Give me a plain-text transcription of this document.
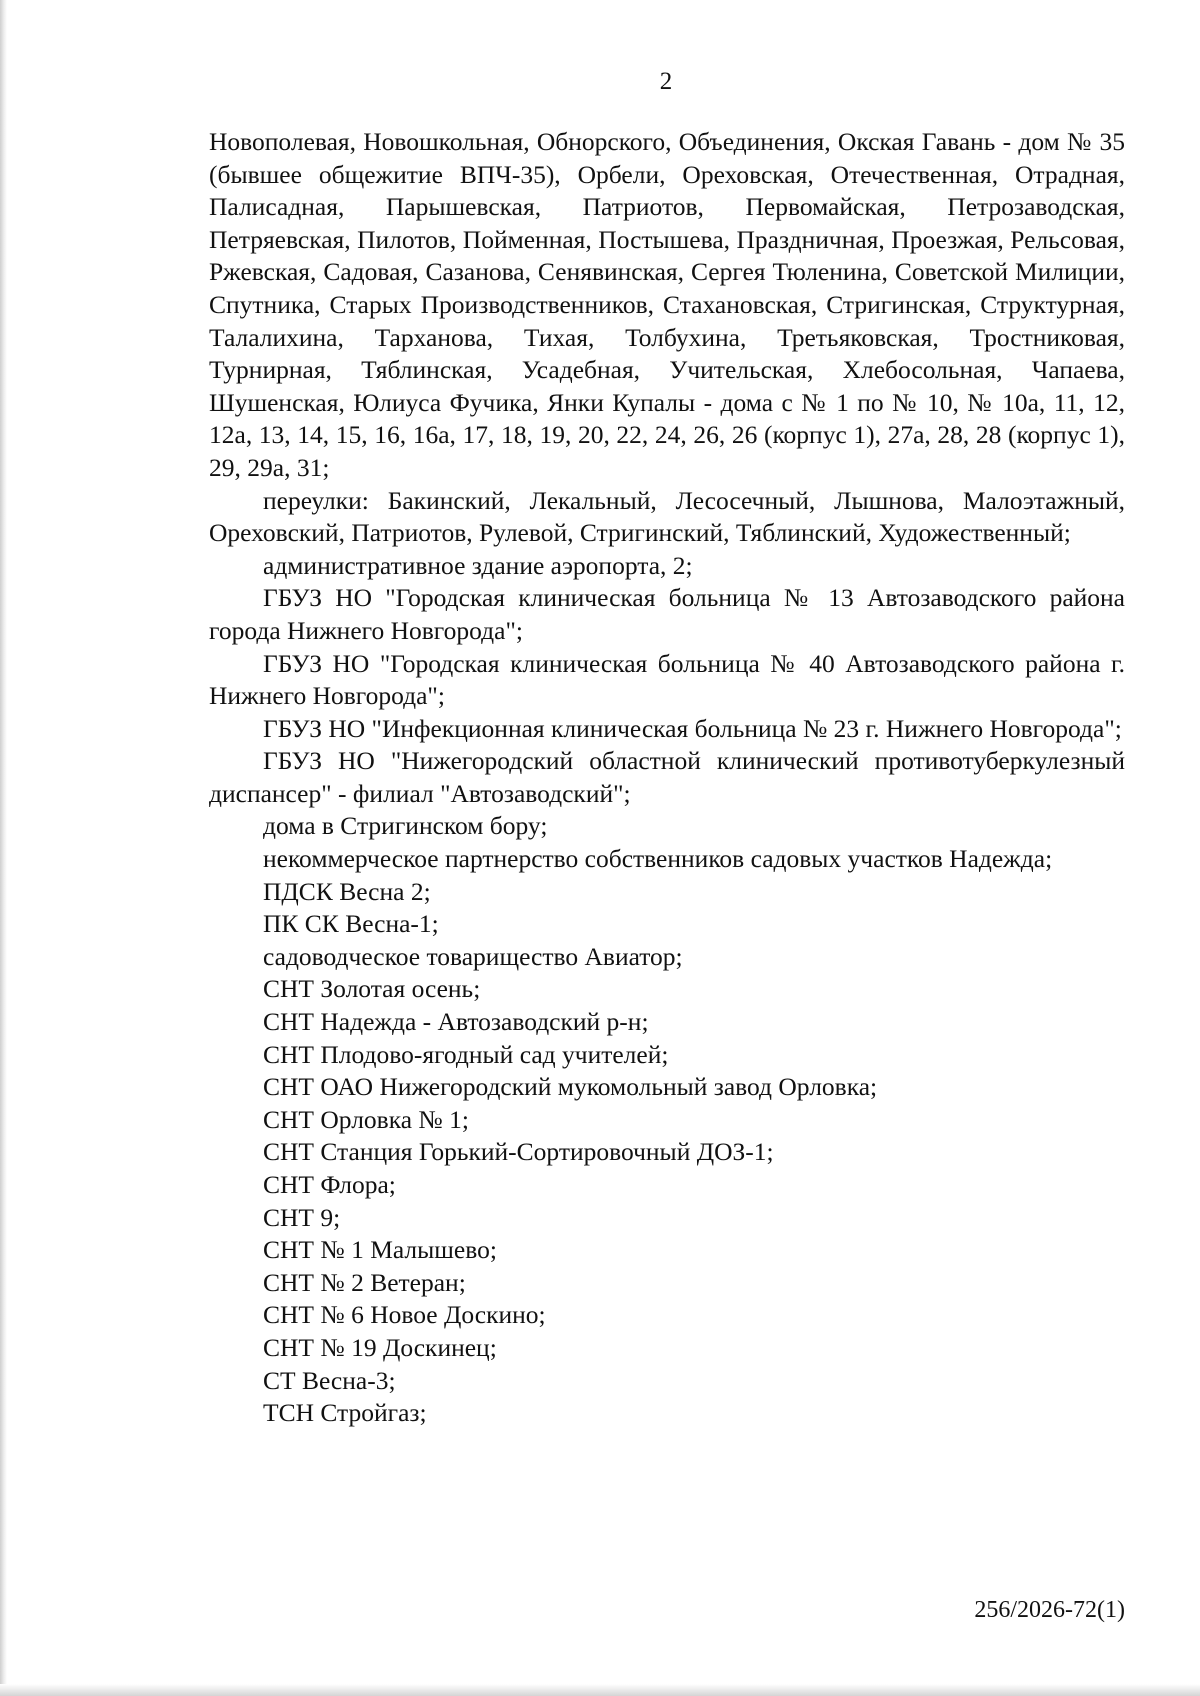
2

Новополевая, Новошкольная, Обнорского, Объединения, Окская Гавань - дом № 35 (бывшее общежитие ВПЧ-35), Орбели, Ореховская, Отечественная, Отрадная, Палисадная, Парышевская, Патриотов, Первомайская, Петрозаводская, Петряевская, Пилотов, Пойменная, Постышева, Праздничная, Проезжая, Рельсовая, Ржевская, Садовая, Сазанова, Сенявинская, Сергея Тюленина, Советской Милиции, Спутника, Старых Производственников, Стахановская, Стригинская, Структурная, Талалихина, Тарханова, Тихая, Толбухина, Третьяковская, Тростниковая, Турнирная, Тяблинская, Усадебная, Учительская, Хлебосольная, Чапаева, Шушенская, Юлиуса Фучика, Янки Купалы - дома с № 1 по № 10, № 10а, 11, 12, 12а, 13, 14, 15, 16, 16а, 17, 18, 19, 20, 22, 24, 26, 26 (корпус 1), 27а, 28, 28 (корпус 1), 29, 29а, 31;

переулки: Бакинский, Лекальный, Лесосечный, Лышнова, Малоэтажный, Ореховский, Патриотов, Рулевой, Стригинский, Тяблинский, Художественный;

административное здание аэропорта, 2;

ГБУЗ НО "Городская клиническая больница № 13 Автозаводского района города Нижнего Новгорода";

ГБУЗ НО "Городская клиническая больница № 40 Автозаводского района г. Нижнего Новгорода";

ГБУЗ НО "Инфекционная клиническая больница № 23 г. Нижнего Новгорода";

ГБУЗ НО "Нижегородский областной клинический противотуберкулезный диспансер" - филиал "Автозаводский";

дома в Стригинском бору;

некоммерческое партнерство собственников садовых участков Надежда;

ПДСК Весна 2;

ПК СК Весна-1;

садоводческое товарищество Авиатор;

СНТ Золотая осень;

СНТ Надежда - Автозаводский р-н;

СНТ Плодово-ягодный сад учителей;

СНТ ОАО Нижегородский мукомольный завод Орловка;

СНТ Орловка № 1;

СНТ Станция Горький-Сортировочный ДОЗ-1;

СНТ Флора;

СНТ 9;

СНТ № 1 Малышево;

СНТ № 2 Ветеран;

СНТ № 6 Новое Доскино;

СНТ № 19 Доскинец;

СТ Весна-3;

ТСН Стройгаз;

256/2026-72(1)
